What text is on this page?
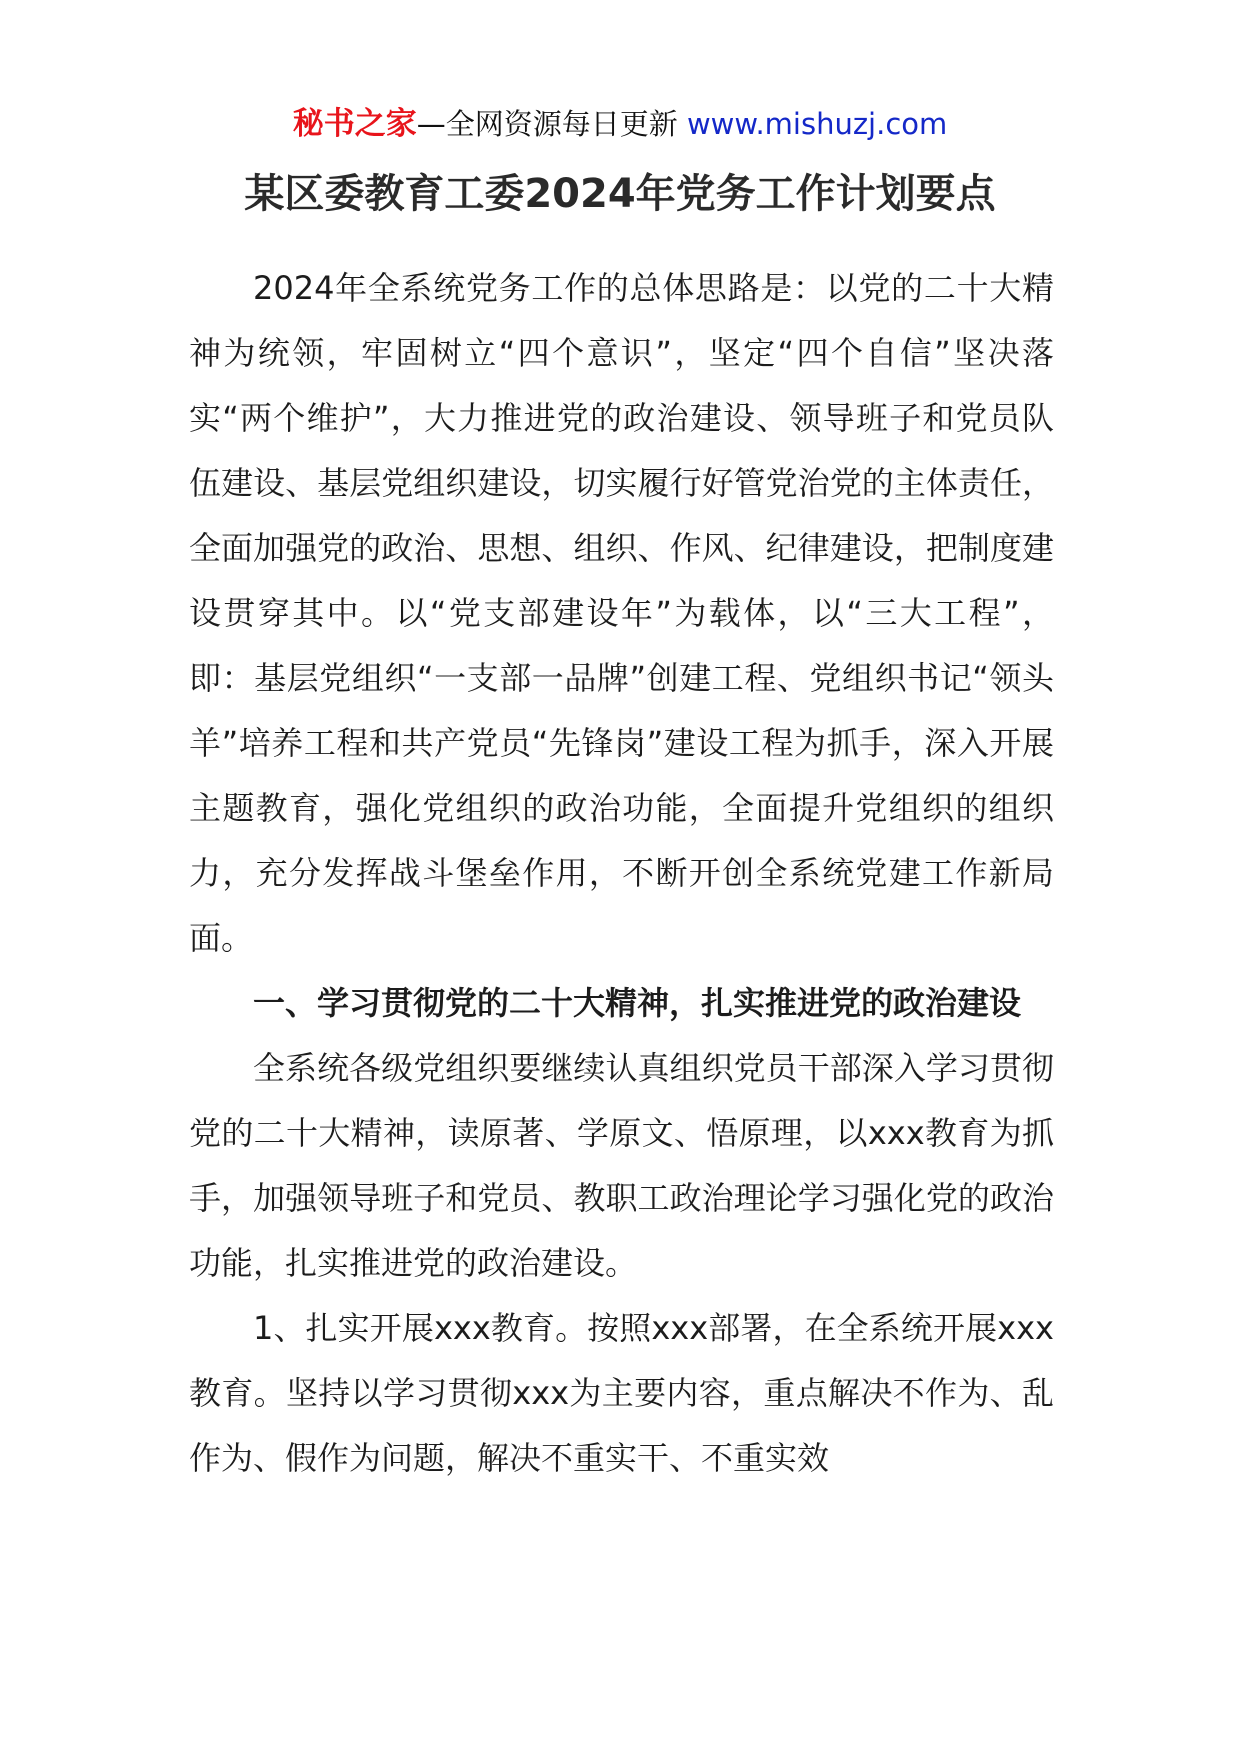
秘书之家—全网资源每日更新 www.mishuzj.com
某区委教育工委2024年党务工作计划要点

2024年全系统党务工作的总体思路是：以党的二十大精神为统领，牢固树立“四个意识”，坚定“四个自信”坚决落实“两个维护”，大力推进党的政治建设、领导班子和党员队伍建设、基层党组织建设，切实履行好管党治党的主体责任，全面加强党的政治、思想、组织、作风、纪律建设，把制度建设贯穿其中。以“党支部建设年”为载体，以“三大工程”，即：基层党组织“一支部一品牌”创建工程、党组织书记“领头羊”培养工程和共产党员“先锋岗”建设工程为抓手，深入开展主题教育，强化党组织的政治功能，全面提升党组织的组织力，充分发挥战斗堡垒作用，不断开创全系统党建工作新局面。

一、学习贯彻党的二十大精神，扎实推进党的政治建设

全系统各级党组织要继续认真组织党员干部深入学习贯彻党的二十大精神，读原著、学原文、悟原理，以xxx教育为抓手，加强领导班子和党员、教职工政治理论学习强化党的政治功能，扎实推进党的政治建设。

1、扎实开展xxx教育。按照xxx部署，在全系统开展xxx教育。坚持以学习贯彻xxx为主要内容，重点解决不作为、乱作为、假作为问题，解决不重实干、不重实效
